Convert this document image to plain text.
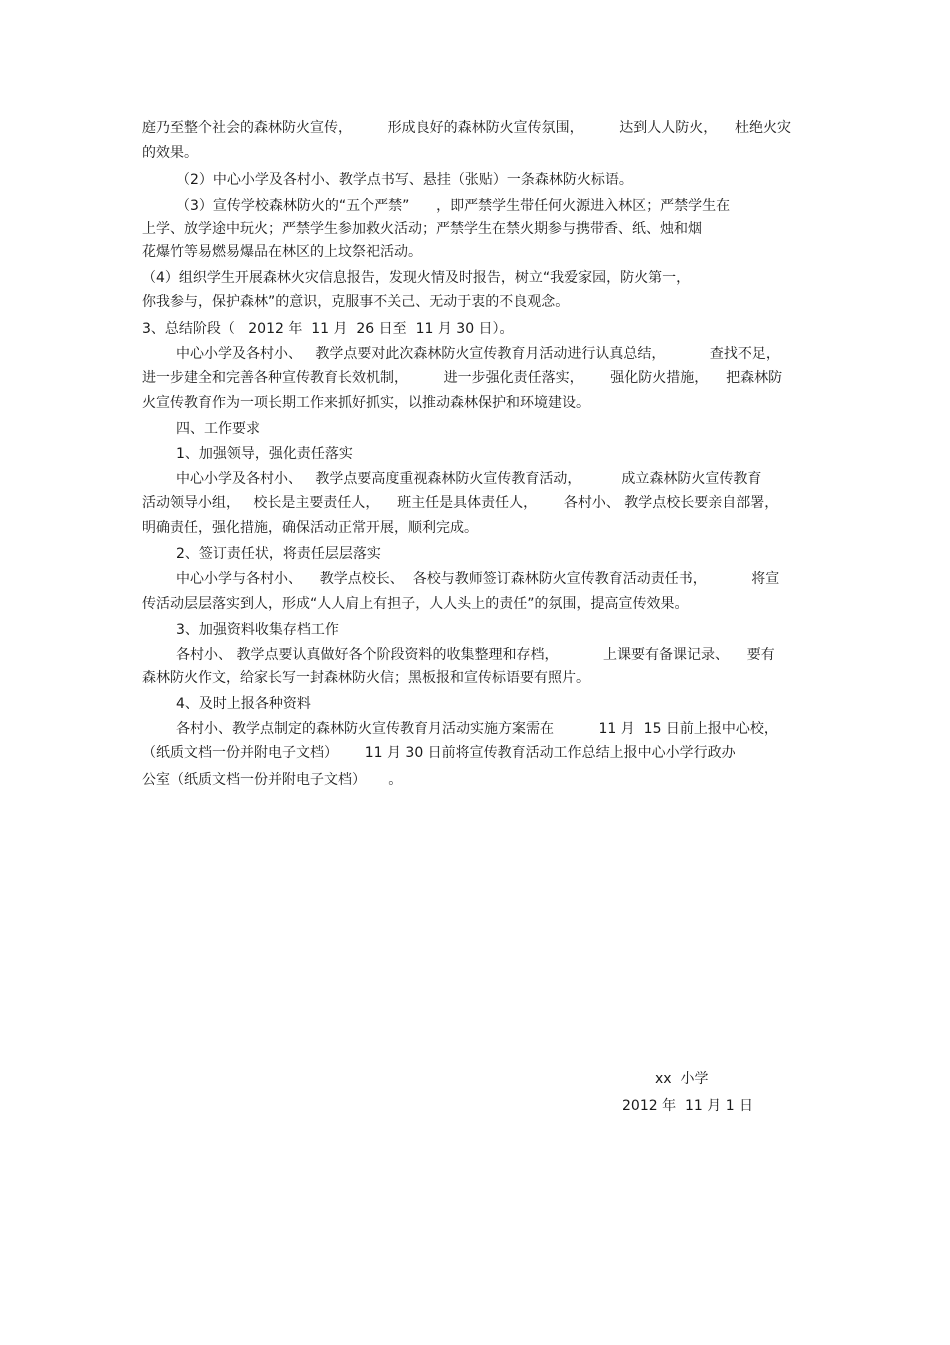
庭乃至整个社会的森林防火宣传，        形成良好的森林防火宣传氛围，        达到人人防火，    杜绝火灾

的效果。

（2）中心小学及各村小、教学点书写、悬挂（张贴）一条森林防火标语。

（3）宣传学校森林防火的“五个严禁”      ，即严禁学生带任何火源进入林区；严禁学生在

上学、放学途中玩火；严禁学生参加救火活动；严禁学生在禁火期参与携带香、纸、烛和烟

花爆竹等易燃易爆品在林区的上坟祭祀活动。

（4）组织学生开展森林火灾信息报告，发现火情及时报告，树立“我爱家园，防火第一，

你我参与，保护森林”的意识，克服事不关己、无动于衷的不良观念。

3、总结阶段（   2012 年  11 月  26 日至  11 月 30 日）。

中心小学及各村小、   教学点要对此次森林防火宣传教育月活动进行认真总结，          查找不足，

进一步建全和完善各种宣传教育长效机制，        进一步强化责任落实，      强化防火措施，    把森林防

火宣传教育作为一项长期工作来抓好抓实，以推动森林保护和环境建设。

四、工作要求

1、加强领导，强化责任落实

中心小学及各村小、   教学点要高度重视森林防火宣传教育活动，         成立森林防火宣传教育

活动领导小组，   校长是主要责任人，    班主任是具体责任人，      各村小、 教学点校长要亲自部署，

明确责任，强化措施，确保活动正常开展，顺利完成。

2、签订责任状，将责任层层落实

中心小学与各村小、    教学点校长、  各校与教师签订森林防火宣传教育活动责任书，          将宣

传活动层层落实到人，形成“人人肩上有担子，人人头上的责任”的氛围，提高宣传效果。

3、加强资料收集存档工作

各村小、 教学点要认真做好各个阶段资料的收集整理和存档，          上课要有备课记录、    要有

森林防火作文，给家长写一封森林防火信；黑板报和宣传标语要有照片。

4、及时上报各种资料

各村小、教学点制定的森林防火宣传教育月活动实施方案需在          11 月  15 日前上报中心校，

（纸质文档一份并附电子文档）      11 月 30 日前将宣传教育活动工作总结上报中心小学行政办

公室（纸质文档一份并附电子文档）     。

xx  小学
2012 年  11 月 1 日
